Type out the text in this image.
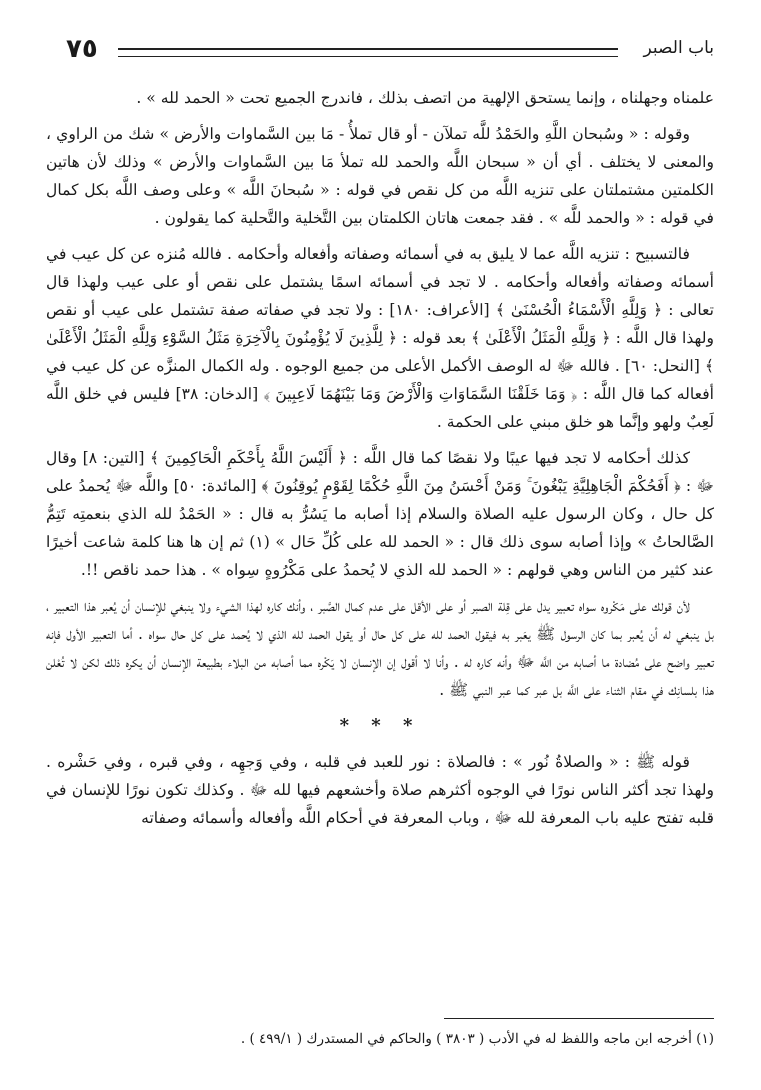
٧٥	باب الصبر

علمناه وجهلناه ، وإنما يستحق الإلهية من اتصف بذلك ، فاندرج الجميع تحت « الحمد لله » .

وقوله : « وسُبحان اللَّهِ والحَمْدُ للَّه تملآن - أو قال تملأُ - مَا بين السَّماوات والأرض » شك من الراوي ، والمعنى لا يختلف . أي أن « سبحان اللَّه والحمد لله تملأ مَا بين السَّماوات والأرض » وذلك لأن هاتين الكلمتين مشتملتان على تنزيه اللَّه من كل نقص في قوله : « سُبحانَ اللَّه » وعلى وصف اللَّه بكل كمال في قوله : « والحمد للَّه » . فقد جمعت هاتان الكلمتان بين التَّخلية والتَّحلية كما يقولون .

فالتسبيح : تنزيه اللَّه عما لا يليق به في أسمائه وصفاته وأفعاله وأحكامه . فالله مُنزه عن كل عيب في أسمائه وصفاته وأفعاله وأحكامه . لا تجد في أسمائه اسمًا يشتمل على نقص أو على عيب ولهذا قال تعالى : ﴿ وَلِلَّهِ الْأَسْمَاءُ الْحُسْنَىٰ ﴾ [الأعراف: ١٨٠] : ولا تجد في صفاته صفة تشتمل على عيب أو نقص ولهذا قال اللَّه : ﴿ وَلِلَّهِ الْمَثَلُ الْأَعْلَىٰ ﴾ بعد قوله : ﴿ لِلَّذِينَ لَا يُؤْمِنُونَ بِالْآخِرَةِ مَثَلُ السَّوْءِ وَلِلَّهِ الْمَثَلُ الْأَعْلَىٰ ﴾ [النحل: ٦٠] . فالله ﷻ له الوصف الأكمل الأعلى من جميع الوجوه . وله الكمال المنزَّه عن كل عيب في أفعاله كما قال اللَّه : ﴿ وَمَا خَلَقْنَا السَّمَاوَاتِ وَالْأَرْضَ وَمَا بَيْنَهُمَا لَاعِبِينَ ﴾ [الدخان: ٣٨] فليس في خلق اللَّه لَعِبٌ ولهو وإنَّما هو خلق مبني على الحكمة .

كذلك أحكامه لا تجد فيها عيبًا ولا نقصًا كما قال اللَّه : ﴿ أَلَيْسَ اللَّهُ بِأَحْكَمِ الْحَاكِمِينَ ﴾ [التين: ٨] وقال ﷻ : ﴿ أَفَحُكْمَ الْجَاهِلِيَّةِ يَبْغُونَ ۚ وَمَنْ أَحْسَنُ مِنَ اللَّهِ حُكْمًا لِقَوْمٍ يُوقِنُونَ ﴾ [المائدة: ٥٠] واللَّه ﷻ يُحمدُ على كل حال ، وكان الرسول عليه الصلاة والسلام إذا أصابه ما يَسُرُّ به قال : « الحَمْدُ لله الذي بنعمتِه تَتِمُّ الصَّالحاتُ » وإذا أصابه سوى ذلك قال : « الحمد لله على كُلِّ حَال » (١) ثم إن ها هنا كلمة شاعت أخيرًا عند كثير من الناس وهي قولهم : « الحمد لله الذي لا يُحمدُ على مَكْرُوهٍ سِواه » . هذا حمد ناقص !!.

لأن قولك على مَكْروه سواه تعبير يدل على قِلة الصبر أو على الأقل على عدم كمال الصَّبر ، وأنك كاره لهذا الشيء ولا ينبغي للإنسان أن يُعبر هذا التعبير ، بل ينبغي له أن يُعبر بما كان الرسول ﷺ يعَبر به فيقول الحمد لله على كل حال أو يقول الحمد لله الذي لا يُحمد على كل حال سواه . أما التعبير الأول فإنه تعبير واضح على مُضادة ما أصابه من اللَّه ﷻ وأنه كاره له . وأنا لا أقول إن الإنسان لا يَكْره مما أصابه من البلاء بطبيعة الإنسان أن يكره ذلك لكن لا تُعْلن هذا بلسانِك في مقام الثناء على اللَّه بل عبر كما عبر النبي ﷺ .

* * *

قوله ﷺ : « والصلاةُ نُور » : فالصلاة : نور للعبد في قلبه ، وفي وَجهِه ، وفي قبره ، وفي حَشْره . ولهذا تجد أكثر الناس نورًا في الوجوه أكثرهم صلاة وأخشعهم فيها لله ﷻ . وكذلك تكون نورًا للإنسان في قلبه تفتح عليه باب المعرفة لله ﷻ ، وباب المعرفة في أحكام اللَّه وأفعاله وأسمائه وصفاته

(١) أخرجه ابن ماجه واللفظ له في الأدب ( ٣٨٠٣ ) والحاكم في المستدرك ( ٤٩٩/١ ) .
